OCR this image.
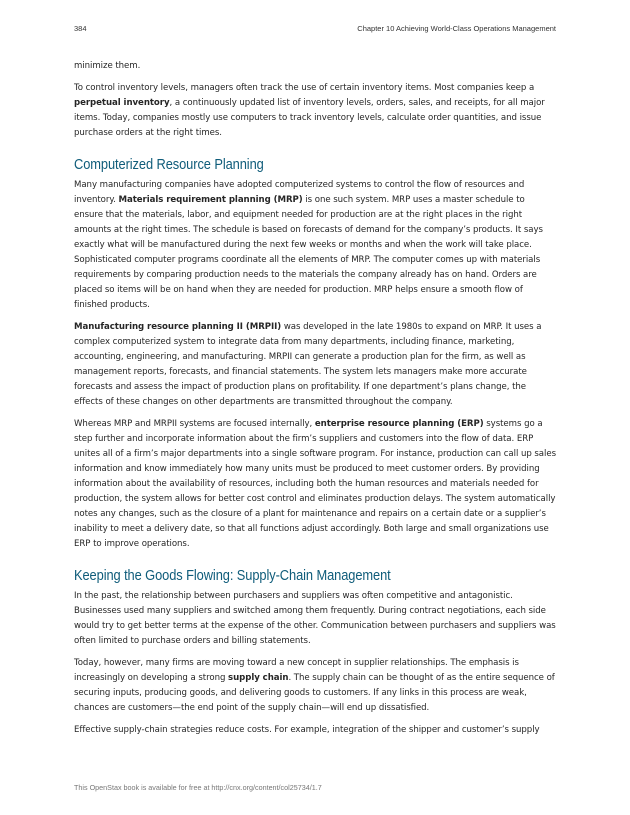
384	Chapter 10 Achieving World-Class Operations Management

minimize them.

To control inventory levels, managers often track the use of certain inventory items. Most companies keep a perpetual inventory, a continuously updated list of inventory levels, orders, sales, and receipts, for all major items. Today, companies mostly use computers to track inventory levels, calculate order quantities, and issue purchase orders at the right times.

Computerized Resource Planning

Many manufacturing companies have adopted computerized systems to control the flow of resources and inventory. Materials requirement planning (MRP) is one such system. MRP uses a master schedule to ensure that the materials, labor, and equipment needed for production are at the right places in the right amounts at the right times. The schedule is based on forecasts of demand for the company’s products. It says exactly what will be manufactured during the next few weeks or months and when the work will take place. Sophisticated computer programs coordinate all the elements of MRP. The computer comes up with materials requirements by comparing production needs to the materials the company already has on hand. Orders are placed so items will be on hand when they are needed for production. MRP helps ensure a smooth flow of finished products.

Manufacturing resource planning II (MRPII) was developed in the late 1980s to expand on MRP. It uses a complex computerized system to integrate data from many departments, including finance, marketing, accounting, engineering, and manufacturing. MRPII can generate a production plan for the firm, as well as management reports, forecasts, and financial statements. The system lets managers make more accurate forecasts and assess the impact of production plans on profitability. If one department’s plans change, the effects of these changes on other departments are transmitted throughout the company.

Whereas MRP and MRPII systems are focused internally, enterprise resource planning (ERP) systems go a step further and incorporate information about the firm’s suppliers and customers into the flow of data. ERP unites all of a firm’s major departments into a single software program. For instance, production can call up sales information and know immediately how many units must be produced to meet customer orders. By providing information about the availability of resources, including both the human resources and materials needed for production, the system allows for better cost control and eliminates production delays. The system automatically notes any changes, such as the closure of a plant for maintenance and repairs on a certain date or a supplier’s inability to meet a delivery date, so that all functions adjust accordingly. Both large and small organizations use ERP to improve operations.

Keeping the Goods Flowing: Supply-Chain Management

In the past, the relationship between purchasers and suppliers was often competitive and antagonistic. Businesses used many suppliers and switched among them frequently. During contract negotiations, each side would try to get better terms at the expense of the other. Communication between purchasers and suppliers was often limited to purchase orders and billing statements.

Today, however, many firms are moving toward a new concept in supplier relationships. The emphasis is increasingly on developing a strong supply chain. The supply chain can be thought of as the entire sequence of securing inputs, producing goods, and delivering goods to customers. If any links in this process are weak, chances are customers—the end point of the supply chain—will end up dissatisfied.

Effective supply-chain strategies reduce costs. For example, integration of the shipper and customer’s supply

This OpenStax book is available for free at http://cnx.org/content/col25734/1.7
